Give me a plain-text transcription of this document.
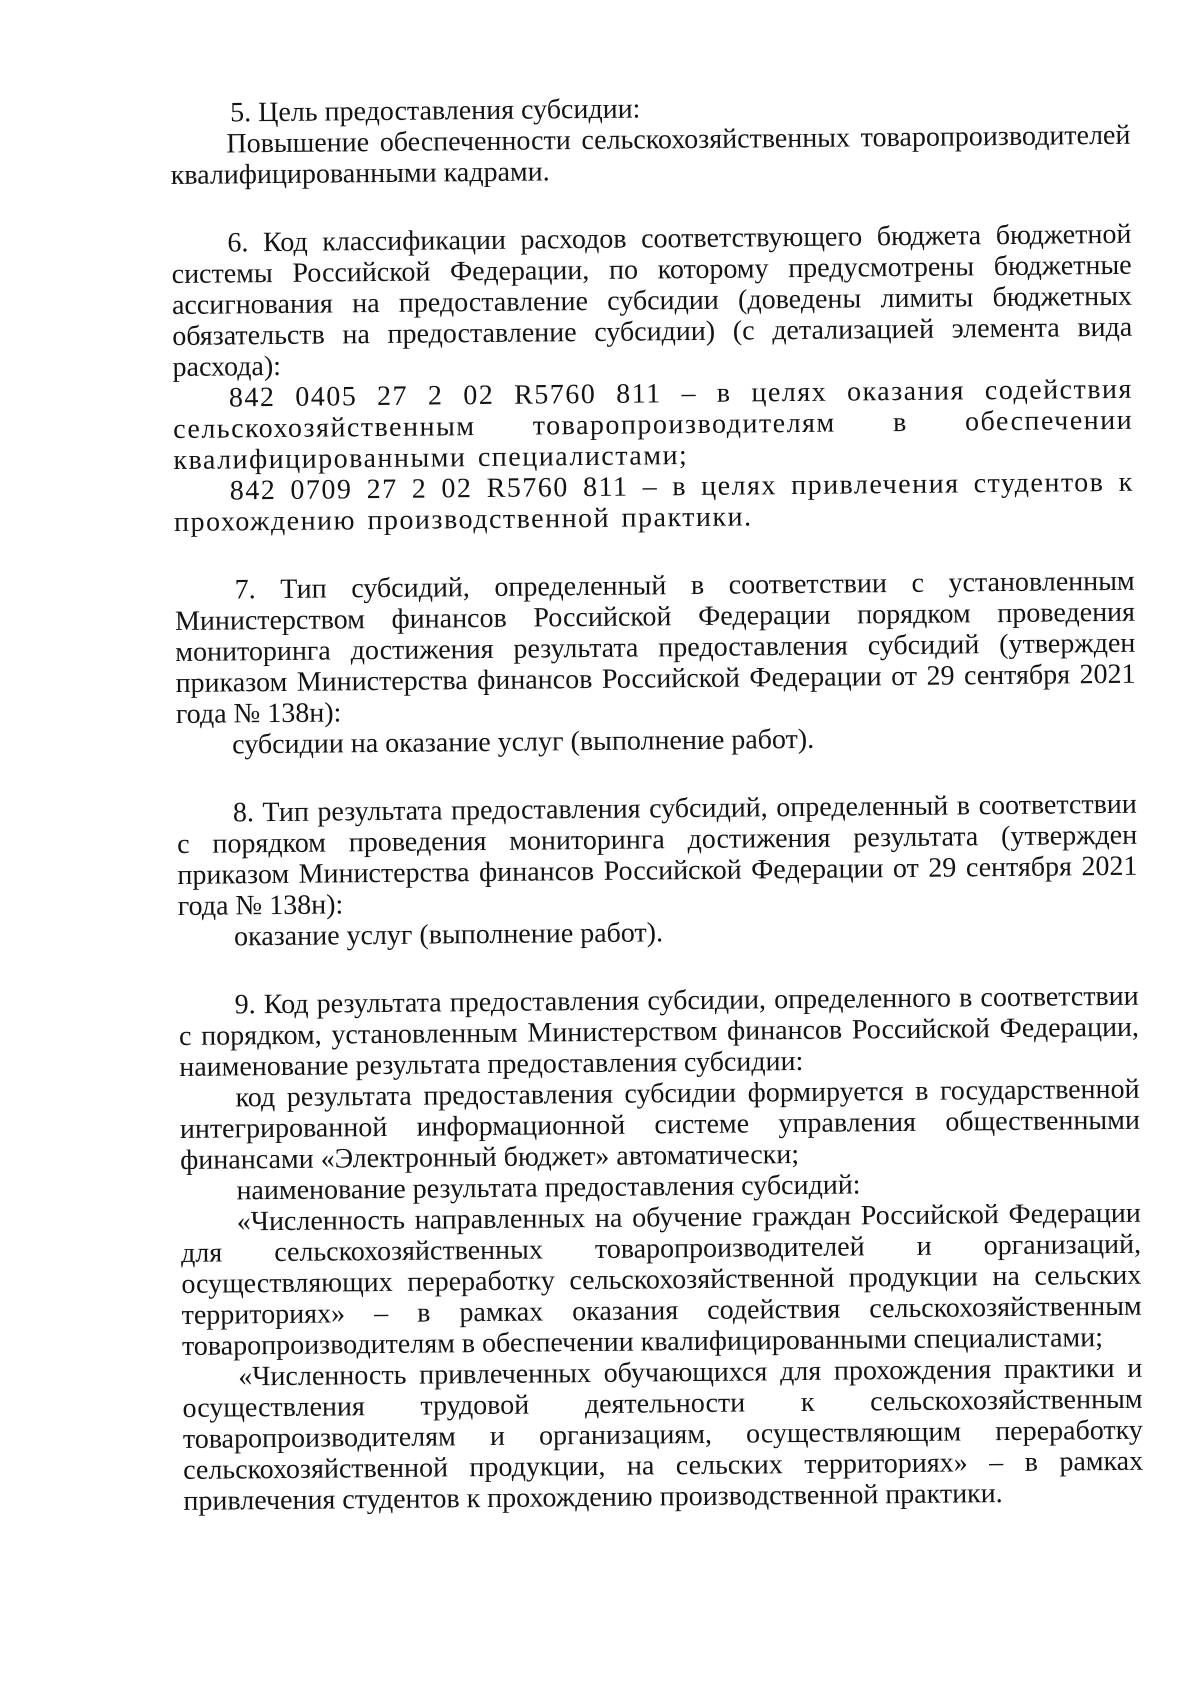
5. Цель предоставления субсидии:

Повышение обеспеченности сельскохозяйственных товаропроизводителей квалифицированными кадрами.

6. Код классификации расходов соответствующего бюджета бюджетной системы Российской Федерации, по которому предусмотрены бюджетные ассигнования на предоставление субсидии (доведены лимиты бюджетных обязательств на предоставление субсидии) (с детализацией элемента вида расхода):

842 0405 27 2 02 R5760 811 – в целях оказания содействия сельскохозяйственным товаропроизводителям в обеспечении квалифицированными специалистами;

842 0709 27 2 02 R5760 811 – в целях привлечения студентов к прохождению производственной практики.

7. Тип субсидий, определенный в соответствии с установленным Министерством финансов Российской Федерации порядком проведения мониторинга достижения результата предоставления субсидий (утвержден приказом Министерства финансов Российской Федерации от 29 сентября 2021 года № 138н):

субсидии на оказание услуг (выполнение работ).

8. Тип результата предоставления субсидий, определенный в соответствии с порядком проведения мониторинга достижения результата (утвержден приказом Министерства финансов Российской Федерации от 29 сентября 2021 года № 138н):

оказание услуг (выполнение работ).

9. Код результата предоставления субсидии, определенного в соответствии с порядком, установленным Министерством финансов Российской Федерации, наименование результата предоставления субсидии:

код результата предоставления субсидии формируется в государственной интегрированной информационной системе управления общественными финансами «Электронный бюджет» автоматически;

наименование результата предоставления субсидий:

«Численность направленных на обучение граждан Российской Федерации для сельскохозяйственных товаропроизводителей и организаций, осуществляющих переработку сельскохозяйственной продукции на сельских территориях» – в рамках оказания содействия сельскохозяйственным товаропроизводителям в обеспечении квалифицированными специалистами;

«Численность привлеченных обучающихся для прохождения практики и осуществления трудовой деятельности к сельскохозяйственным товаропроизводителям и организациям, осуществляющим переработку сельскохозяйственной продукции, на сельских территориях» – в рамках привлечения студентов к прохождению производственной практики.
